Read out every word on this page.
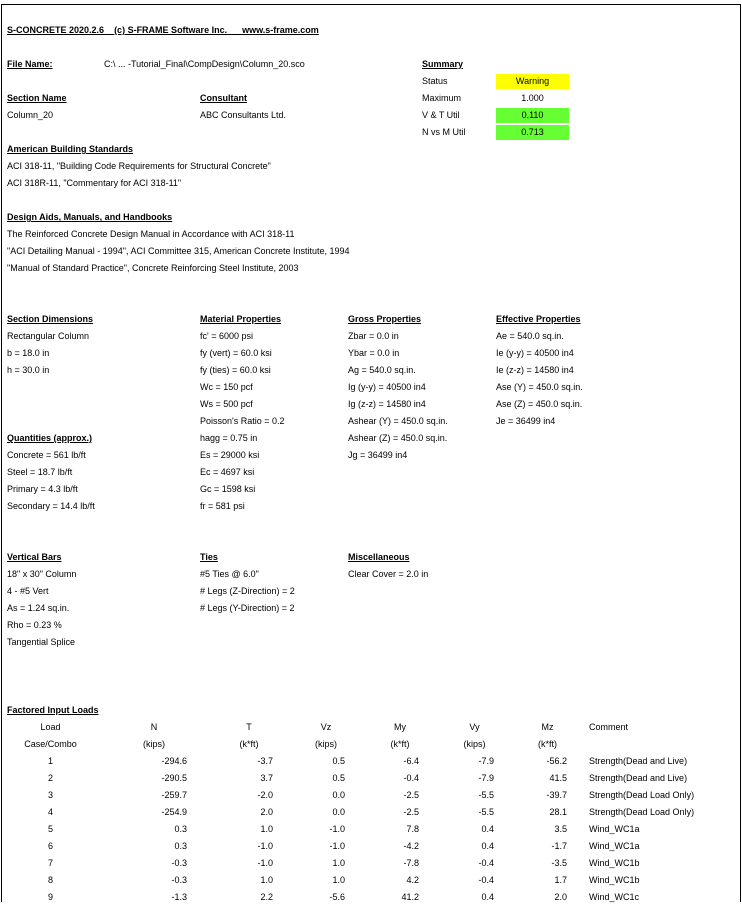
S-CONCRETE 2020.2.6 (c) S-FRAME Software Inc. www.s-frame.com
File Name:	C:\ ... -Tutorial_Final\CompDesign\Column_20.sco
Section Name
Column_20
Consultant
ABC Consultants Ltd.
Summary
Status	Warning
Maximum	1.000
V & T Util	0.110
N vs M Util	0.713
American Building Standards
ACI 318-11, "Building Code Requirements for Structural Concrete"
ACI 318R-11, "Commentary for ACI 318-11"
Design Aids, Manuals, and Handbooks
The Reinforced Concrete Design Manual in Accordance with ACI 318-11
"ACI Detailing Manual - 1994", ACI Committee 315, American Concrete Institute, 1994
"Manual of Standard Practice", Concrete Reinforcing Steel Institute, 2003
Section Dimensions
Rectangular Column
b = 18.0 in
h = 30.0 in
Material Properties
fc' = 6000 psi
fy (vert) = 60.0 ksi
fy (ties) = 60.0 ksi
Wc = 150 pcf
Ws = 500 pcf
Poisson's Ratio = 0.2
hagg = 0.75 in
Es = 29000 ksi
Ec = 4697 ksi
Gc = 1598 ksi
fr = 581 psi
Gross Properties
Zbar = 0.0 in
Ybar = 0.0 in
Ag = 540.0 sq.in.
Ig (y-y) = 40500 in4
Ig (z-z) = 14580 in4
Ashear (Y) = 450.0 sq.in.
Ashear (Z) = 450.0 sq.in.
Jg = 36499 in4
Effective Properties
Ae = 540.0 sq.in.
Ie (y-y) = 40500 in4
Ie (z-z) = 14580 in4
Ase (Y) = 450.0 sq.in.
Ase (Z) = 450.0 sq.in.
Je = 36499 in4
Quantities (approx.)
Concrete = 561 lb/ft
Steel = 18.7 lb/ft
Primary = 4.3 lb/ft
Secondary = 14.4 lb/ft
Vertical Bars
18" x 30" Column
4 - #5 Vert
As = 1.24 sq.in.
Rho = 0.23 %
Tangential Splice
Ties
#5 Ties @ 6.0"
# Legs (Z-Direction) = 2
# Legs (Y-Direction) = 2
Miscellaneous
Clear Cover = 2.0 in
Factored Input Loads
Load	N	T	Vz	My	Vy	Mz	Comment
Case/Combo	(kips)	(k*ft)	(kips)	(k*ft)	(kips)	(k*ft)	
1	-294.6	-3.7	0.5	-6.4	-7.9	-56.2	Strength(Dead and Live)
2	-290.5	3.7	0.5	-0.4	-7.9	41.5	Strength(Dead and Live)
3	-259.7	-2.0	0.0	-2.5	-5.5	-39.7	Strength(Dead Load Only)
4	-254.9	2.0	0.0	-2.5	-5.5	28.1	Strength(Dead Load Only)
5	0.3	1.0	-1.0	7.8	0.4	3.5	Wind_WC1a
6	0.3	-1.0	-1.0	-4.2	0.4	-1.7	Wind_WC1a
7	-0.3	-1.0	1.0	-7.8	-0.4	-3.5	Wind_WC1b
8	-0.3	1.0	1.0	4.2	-0.4	1.7	Wind_WC1b
9	-1.3	2.2	-5.6	41.2	0.4	2.0	Wind_WC1c
